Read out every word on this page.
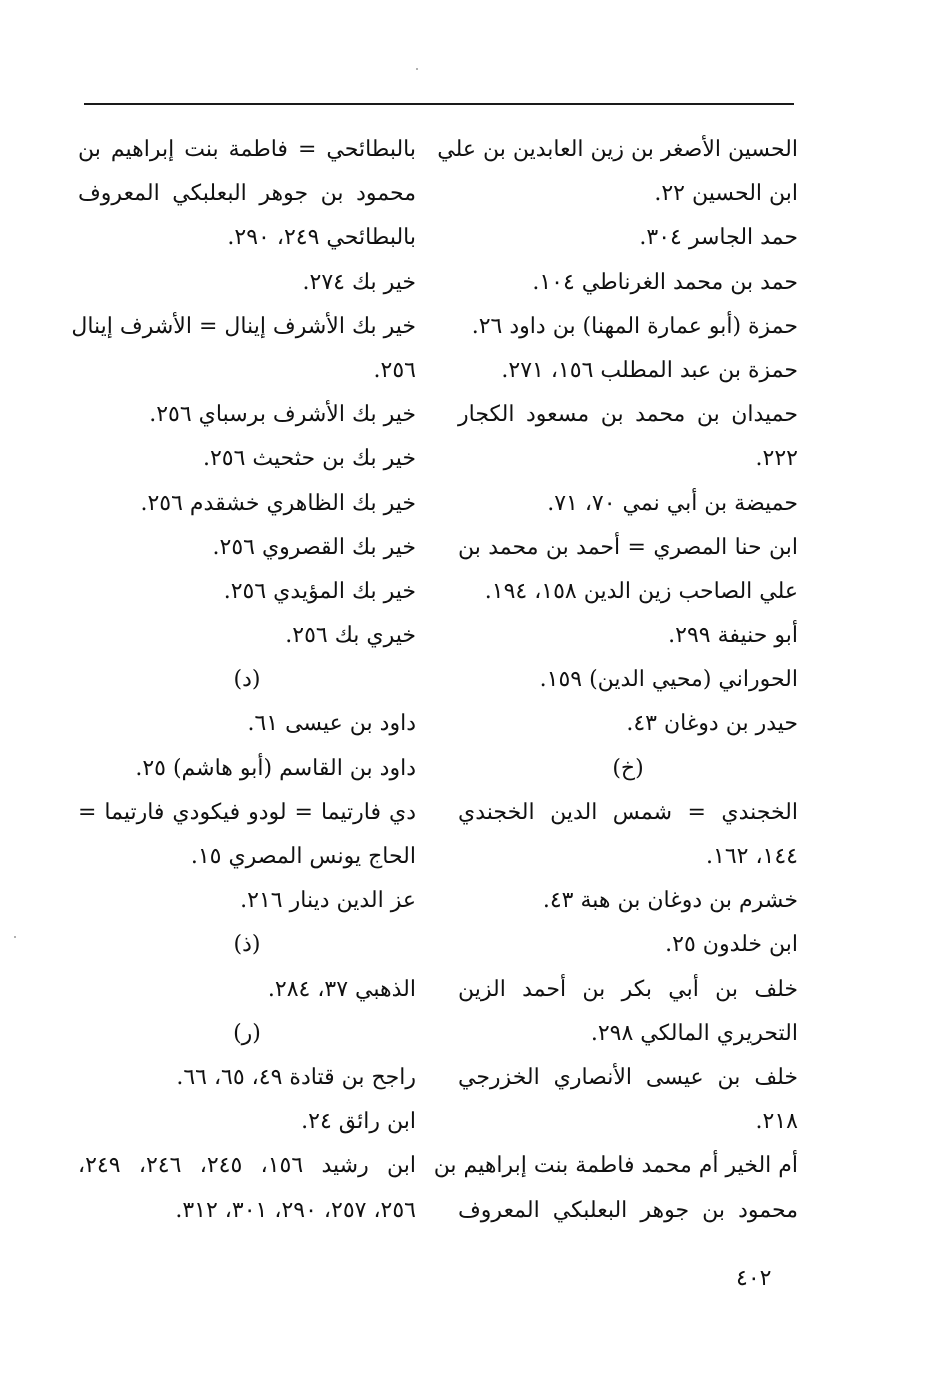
الحسين الأصغر بن زين العابدين بن علي
ابن الحسين ٢٢.
حمد الجاسر ٣٠٤.
حمد بن محمد الغرناطي ١٠٤.
حمزة (أبو عمارة المهنا) بن داود ٢٦.
حمزة بن عبد المطلب ١٥٦، ٢٧١.
حميدان بن محمد بن مسعود الكجار
٢٢٢.
حميضة بن أبي نمي ٧٠، ٧١.
ابن حنا المصري = أحمد بن محمد بن
علي الصاحب زين الدين ١٥٨، ١٩٤.
أبو حنيفة ٢٩٩.
الحوراني (محيي الدين) ١٥٩.
حيدر بن دوغان ٤٣.
(خ)
الخجندي = شمس الدين الخجندي
١٤٤، ١٦٢.
خشرم بن دوغان بن هبة ٤٣.
ابن خلدون ٢٥.
خلف بن أبي بكر بن أحمد الزين
التحريري المالكي ٢٩٨.
خلف بن عيسى الأنصاري الخزرجي
٢١٨.
أم الخير أم محمد فاطمة بنت إبراهيم بن
محمود بن جوهر البعلبكي المعروف
بالبطائحي = فاطمة بنت إبراهيم بن
محمود بن جوهر البعلبكي المعروف
بالبطائحي ٢٤٩، ٢٩٠.
خير بك ٢٧٤.
خير بك الأشرف إينال = الأشرف إينال
٢٥٦.
خير بك الأشرف برسباي ٢٥٦.
خير بك بن حثحيث ٢٥٦.
خير بك الظاهري خشقدم ٢٥٦.
خير بك القصروي ٢٥٦.
خير بك المؤيدي ٢٥٦.
خيري بك ٢٥٦.
(د)
داود بن عيسى ٦١.
داود بن القاسم (أبو هاشم) ٢٥.
دي فارتيما = لودو فيكودي فارتيما =
الحاج يونس المصري ١٥.
عز الدين دينار ٢١٦.
(ذ)
الذهبي ٣٧، ٢٨٤.
(ر)
راجح بن قتادة ٤٩، ٦٥، ٦٦.
ابن رائق ٢٤.
ابن رشيد ١٥٦، ٢٤٥، ٢٤٦، ٢٤٩،
٢٥٦، ٢٥٧، ٢٩٠، ٣٠١، ٣١٢.
٤٠٢
